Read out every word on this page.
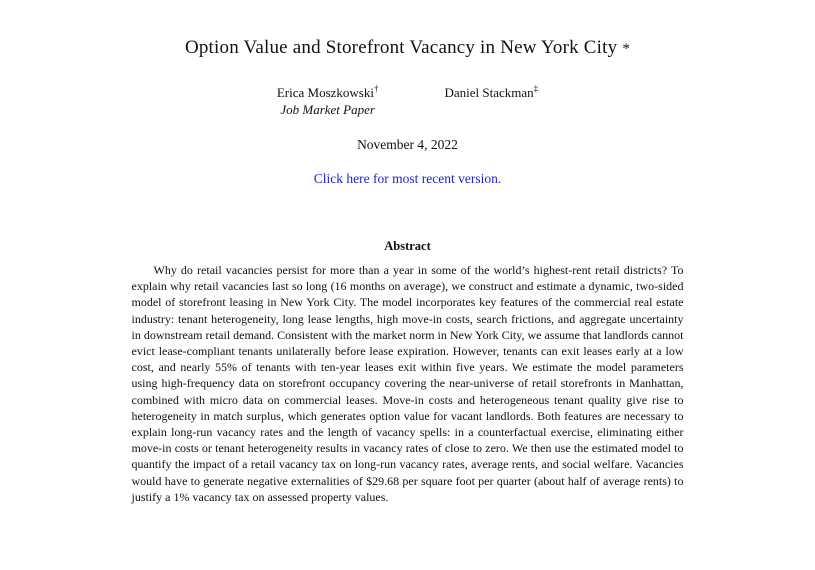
Option Value and Storefront Vacancy in New York City *
Erica Moszkowski†
Job Market Paper
Daniel Stackman‡
November 4, 2022
Click here for most recent version.
Abstract

Why do retail vacancies persist for more than a year in some of the world’s highest-rent retail districts? To explain why retail vacancies last so long (16 months on average), we construct and estimate a dynamic, two-sided model of storefront leasing in New York City. The model incorporates key features of the commercial real estate industry: tenant heterogeneity, long lease lengths, high move-in costs, search frictions, and aggregate uncertainty in downstream retail demand. Consistent with the market norm in New York City, we assume that landlords cannot evict lease-compliant tenants unilaterally before lease expiration. However, tenants can exit leases early at a low cost, and nearly 55% of tenants with ten-year leases exit within five years. We estimate the model parameters using high-frequency data on storefront occupancy covering the near-universe of retail storefronts in Manhattan, combined with micro data on commercial leases. Move-in costs and heterogeneous tenant quality give rise to heterogeneity in match surplus, which generates option value for vacant landlords. Both features are necessary to explain long-run vacancy rates and the length of vacancy spells: in a counterfactual exercise, eliminating either move-in costs or tenant heterogeneity results in vacancy rates of close to zero. We then use the estimated model to quantify the impact of a retail vacancy tax on long-run vacancy rates, average rents, and social welfare. Vacancies would have to generate negative externalities of $29.68 per square foot per quarter (about half of average rents) to justify a 1% vacancy tax on assessed property values.
